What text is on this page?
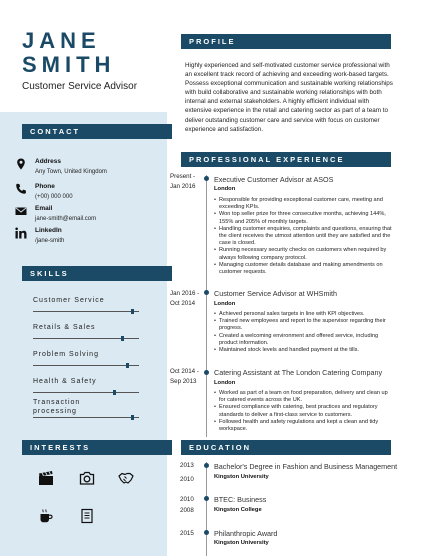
JANE
SMITH
Customer Service Advisor
CONTACT
Address
Any Town, United Kingdom
Phone
(+00) 000 000
Email
jane-smith@email.com
LinkedIn
/jane-smith
SKILLS
Customer Service
Retails & Sales
Problem Solving
Health & Safety
Transaction processing
INTERESTS
PROFILE

Highly experienced and self-motivated customer service professional with an excellent track record of achieving and exceeding work-based targets. Possess exceptional communication and sustainable working relationships with build collaborative and sustainable working relationships with both internal and external stakeholders. A highly efficient individual with extensive experience in the retail and catering sector as part of a team to deliver outstanding customer care and service with focus on customer experience and satisfaction.

PROFESSIONAL EXPERIENCE
Present -
Jan 2016
Executive Customer Advisor at ASOS
London
• Responsible for providing exceptional customer care, meeting and exceeding KPIs.
• Won top seller prize for three consecutive months, achieving 144%, 155% and 205% of monthly targets.
• Handling customer enquiries, complaints and questions, ensuring that the client receives the utmost attention until they are satisfied and the case is closed.
• Running necessary security checks on customers when required by always following company protocol.
• Managing customer details database and making amendments on customer requests.
Jan 2016 -
Oct 2014
Customer Service Advisor at WHSmith
London
• Achieved personal sales targets in line with KPI objectives.
• Trained new employees and report to the supervisor regarding their progress.
• Created a welcoming environment and offered service, including product information.
• Maintained stock levels and handled payment at the tills.
Oct 2014 -
Sep 2013
Catering Assistant at The London Catering Company
London
• Worked as part of a team on food preparation, delivery and clean up for catered events across the UK.
• Ensured compliance with catering, best practices and regulatory standards to deliver a first-class service to customers.
• Followed health and safety regulations and kept a clean and tidy workspace.
EDUCATION
2013
2010
Bachelor's Degree in Fashion and Business Management
Kingston University
2010
2008
BTEC: Business
Kingston College
2015	Philanthropic Award
Kingston University
